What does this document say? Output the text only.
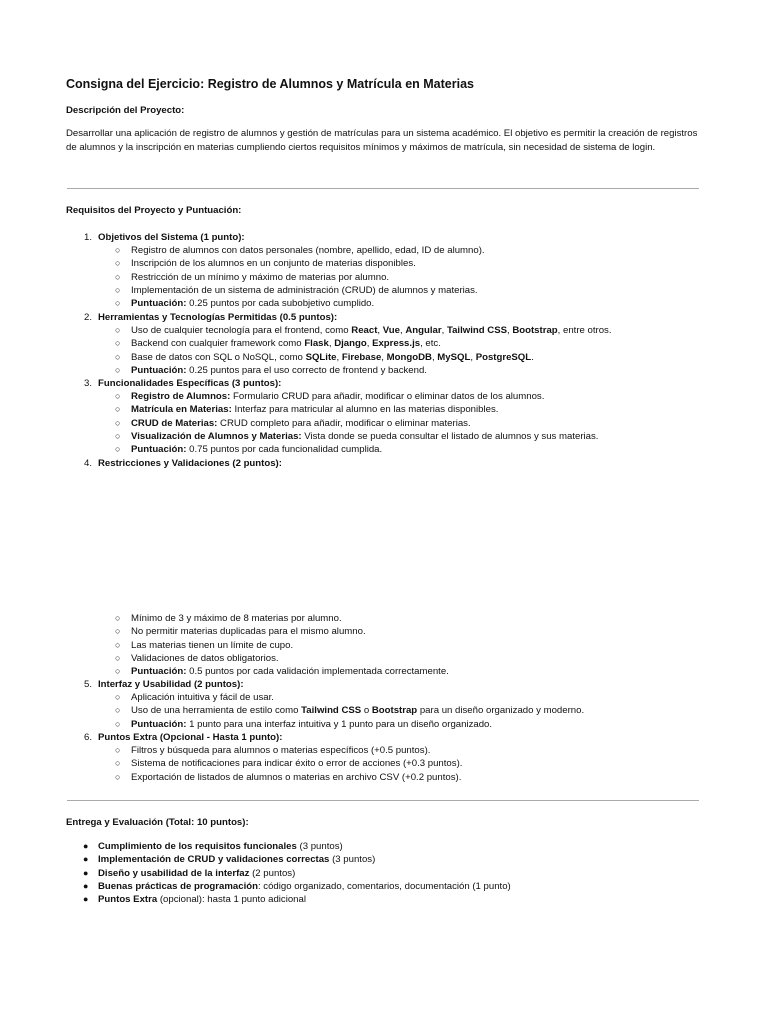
Consigna del Ejercicio: Registro de Alumnos y Matrícula en Materias
Descripción del Proyecto:

Desarrollar una aplicación de registro de alumnos y gestión de matrículas para un sistema académico. El objetivo es permitir la creación de registros de alumnos y la inscripción en materias cumpliendo ciertos requisitos mínimos y máximos de matrícula, sin necesidad de sistema de login.

Requisitos del Proyecto y Puntuación:
1. Objetivos del Sistema (1 punto):
○ Registro de alumnos con datos personales (nombre, apellido, edad, ID de alumno).
○ Inscripción de los alumnos en un conjunto de materias disponibles.
○ Restricción de un mínimo y máximo de materias por alumno.
○ Implementación de un sistema de administración (CRUD) de alumnos y materias.
○ Puntuación: 0.25 puntos por cada subobjetivo cumplido.
2. Herramientas y Tecnologías Permitidas (0.5 puntos):
○ Uso de cualquier tecnología para el frontend, como React, Vue, Angular, Tailwind CSS, Bootstrap, entre otros.
○ Backend con cualquier framework como Flask, Django, Express.js, etc.
○ Base de datos con SQL o NoSQL, como SQLite, Firebase, MongoDB, MySQL, PostgreSQL.
○ Puntuación: 0.25 puntos para el uso correcto de frontend y backend.
3. Funcionalidades Específicas (3 puntos):
○ Registro de Alumnos: Formulario CRUD para añadir, modificar o eliminar datos de los alumnos.
○ Matrícula en Materias: Interfaz para matricular al alumno en las materias disponibles.
○ CRUD de Materias: CRUD completo para añadir, modificar o eliminar materias.
○ Visualización de Alumnos y Materias: Vista donde se pueda consultar el listado de alumnos y sus materias.
○ Puntuación: 0.75 puntos por cada funcionalidad cumplida.
4. Restricciones y Validaciones (2 puntos):
○ Mínimo de 3 y máximo de 8 materias por alumno.
○ No permitir materias duplicadas para el mismo alumno.
○ Las materias tienen un límite de cupo.
○ Validaciones de datos obligatorios.
○ Puntuación: 0.5 puntos por cada validación implementada correctamente.
5. Interfaz y Usabilidad (2 puntos):
○ Aplicación intuitiva y fácil de usar.
○ Uso de una herramienta de estilo como Tailwind CSS o Bootstrap para un diseño organizado y moderno.
○ Puntuación: 1 punto para una interfaz intuitiva y 1 punto para un diseño organizado.
6. Puntos Extra (Opcional - Hasta 1 punto):
○ Filtros y búsqueda para alumnos o materias específicos (+0.5 puntos).
○ Sistema de notificaciones para indicar éxito o error de acciones (+0.3 puntos).
○ Exportación de listados de alumnos o materias en archivo CSV (+0.2 puntos).
Entrega y Evaluación (Total: 10 puntos):
● Cumplimiento de los requisitos funcionales (3 puntos)
● Implementación de CRUD y validaciones correctas (3 puntos)
● Diseño y usabilidad de la interfaz (2 puntos)
● Buenas prácticas de programación: código organizado, comentarios, documentación (1 punto)
● Puntos Extra (opcional): hasta 1 punto adicional
